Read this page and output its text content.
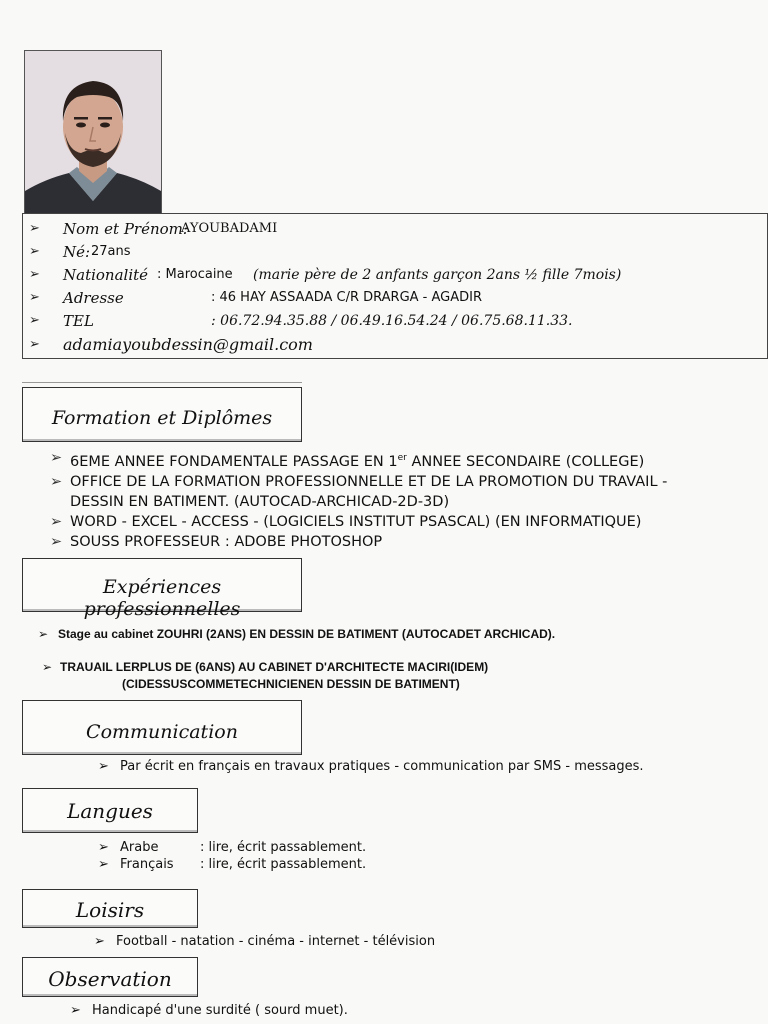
➢ Nom et Prénom:
AYOUBADAMI
➢ Né: 27ans
➢ Nationalité : Marocaine (marie père de 2 anfants garçon 2ans ½ fille 7mois)
➢ Adresse	: 46 HAY ASSAADA C/R DRARGA - AGADIR
➢ TEL	: 06.72.94.35.88 / 06.49.16.54.24 / 06.75.68.11.33.
➢ adamiayoubdessin@gmail.com
Formation et Diplômes
➢ 6EME ANNEE FONDAMENTALE PASSAGE EN 1er ANNEE SECONDAIRE (COLLEGE)
➢ OFFICE DE LA FORMATION PROFESSIONNELLE ET DE LA PROMOTION DU TRAVAIL -
DESSIN EN BATIMENT. (AUTOCAD-ARCHICAD-2D-3D)
➢ WORD - EXCEL - ACCESS - (LOGICIELS INSTITUT PSASCAL) (EN INFORMATIQUE)
➢ SOUSS PROFESSEUR : ADOBE PHOTOSHOP
Expériences professionnelles
➢ Stage au cabinet ZOUHRI (2ANS) EN DESSIN DE BATIMENT (AUTOCADET ARCHICAD).
➢ TRAUAIL LERPLUS DE (6ANS) AU CABINET D'ARCHITECTE MACIRI(IDEM)
(CIDESSUSCOMMETECHNICIENEN DESSIN DE BATIMENT)
Communication
➢ Par écrit en français en travaux pratiques - communication par SMS - messages.
Langues
➢ Arabe	: lire, écrit passablement.
➢ Français : lire, écrit passablement.
Loisirs
➢ Football - natation - cinéma - internet - télévision
Observation
➢ Handicapé d'une surdité ( sourd muet).
